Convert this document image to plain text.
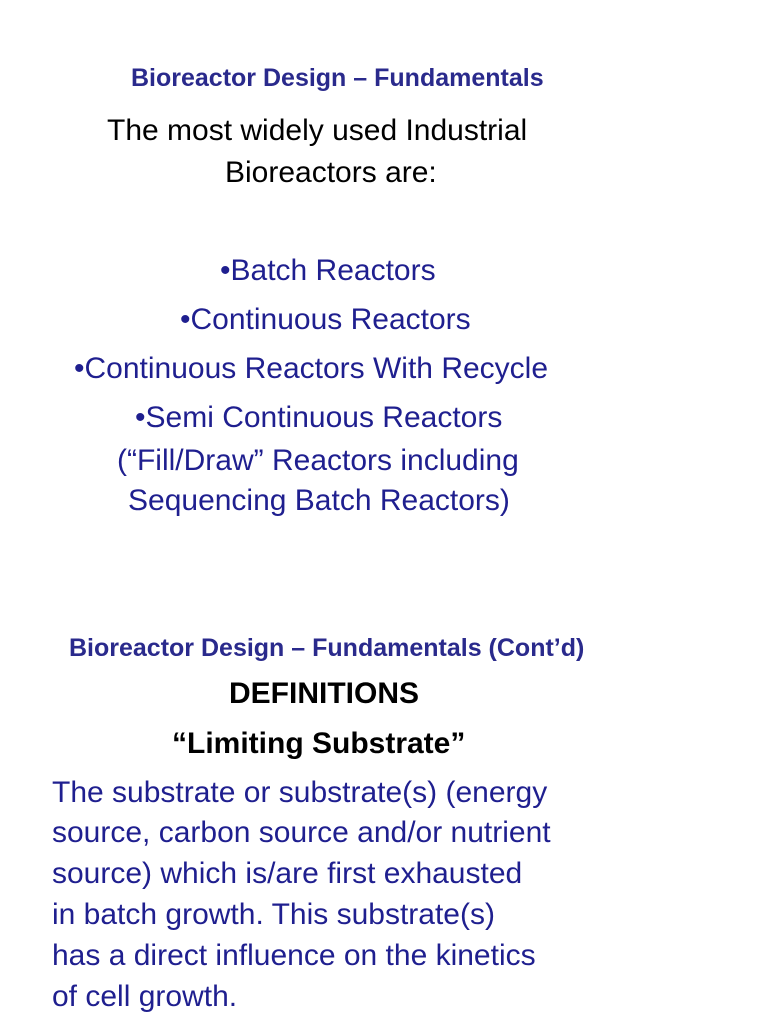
Bioreactor Design – Fundamentals
The most widely used Industrial
Bioreactors are:
•Batch Reactors
•Continuous Reactors
•Continuous Reactors With Recycle
•Semi Continuous Reactors
(“Fill/Draw” Reactors including
Sequencing Batch Reactors)
Bioreactor Design – Fundamentals (Cont’d)
DEFINITIONS
“Limiting Substrate”
The substrate or substrate(s) (energy
source, carbon source and/or nutrient
source) which is/are first exhausted
in batch growth. This substrate(s)
has a direct influence on the kinetics
of cell growth.
